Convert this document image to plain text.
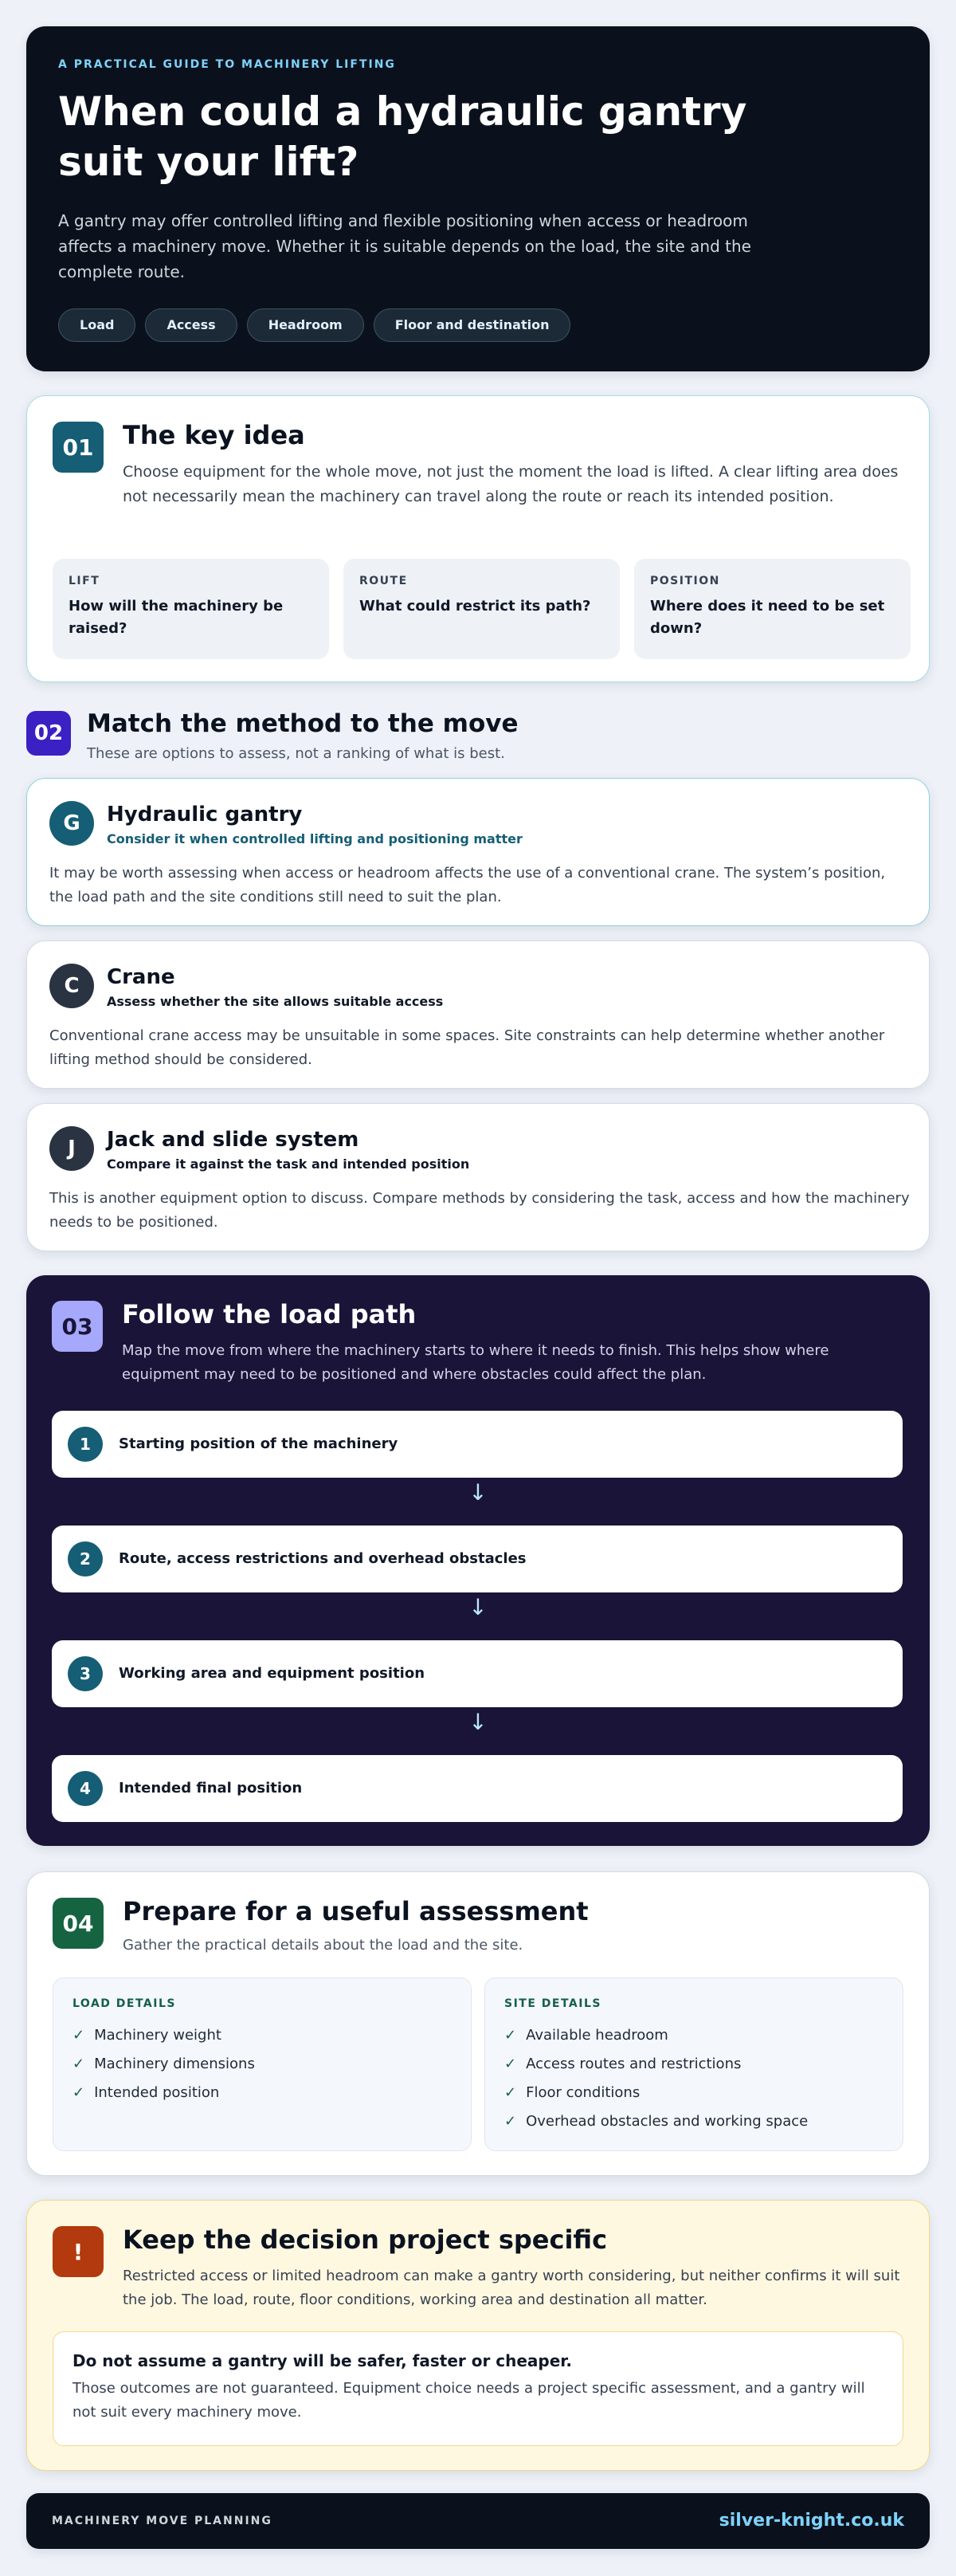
A PRACTICAL GUIDE TO MACHINERY LIFTING
When could a hydraulic gantry suit your lift?

A gantry may offer controlled lifting and flexible positioning when access or headroom affects a machinery move. Whether it is suitable depends on the load, the site and the complete route.

Load	Access	Headroom	Floor and destination
01	The key idea

Choose equipment for the whole move, not just the moment the load is lifted. A clear lifting area does not necessarily mean the machinery can travel along the route or reach its intended position.

LIFT
How will the machinery be raised?
ROUTE
What could restrict its path?
POSITION
Where does it need to be set down?
02 Match the method to the move

These are options to assess, not a ranking of what is best.

G	Hydraulic gantry
Consider it when controlled lifting and positioning matter

It may be worth assessing when access or headroom affects the use of a conventional crane. The system’s position, the load path and the site conditions still need to suit the plan.

C	Crane
Assess whether the site allows suitable access

Conventional crane access may be unsuitable in some spaces. Site constraints can help determine whether another lifting method should be considered.

J	Jack and slide system
Compare it against the task and intended position

This is another equipment option to discuss. Compare methods by considering the task, access and how the machinery needs to be positioned.

03	Follow the load path

Map the move from where the machinery starts to where it needs to finish. This helps show where equipment may need to be positioned and where obstacles could affect the plan.

1	Starting position of the machinery
↓
2	Route, access restrictions and overhead obstacles
↓
3	Working area and equipment position
↓
4	Intended final position
04	Prepare for a useful assessment

Gather the practical details about the load and the site.

LOAD DETAILS
✓ Machinery weight
✓ Machinery dimensions
✓ Intended position
SITE DETAILS
✓ Available headroom
✓ Access routes and restrictions
✓ Floor conditions
✓ Overhead obstacles and working space
!	Keep the decision project specific

Restricted access or limited headroom can make a gantry worth considering, but neither confirms it will suit the job. The load, route, floor conditions, working area and destination all matter.

Do not assume a gantry will be safer, faster or cheaper.

Those outcomes are not guaranteed. Equipment choice needs a project specific assessment, and a gantry will not suit every machinery move.

MACHINERY MOVE PLANNING	silver-knight.co.uk
